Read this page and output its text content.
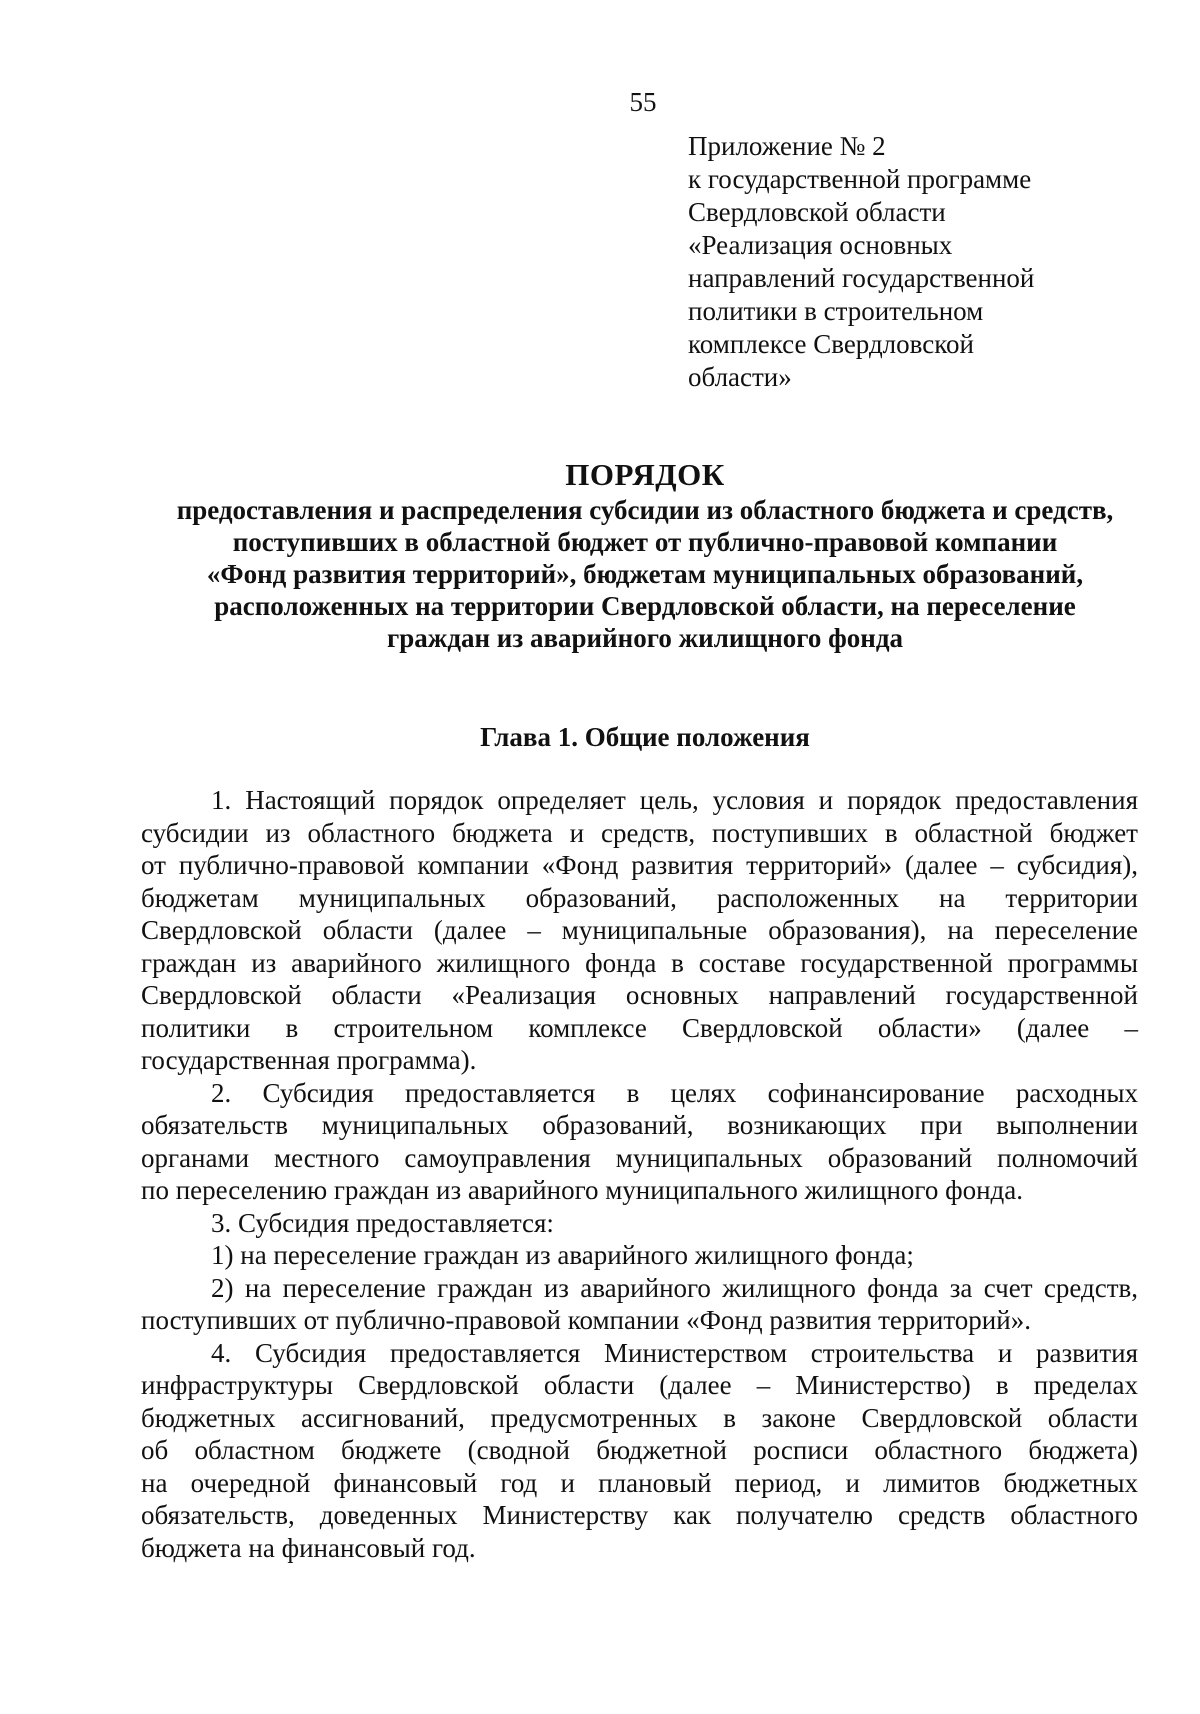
55
Приложение № 2
к государственной программе
Свердловской области
«Реализация основных
направлений государственной
политики в строительном
комплексе Свердловской
области»
ПОРЯДОК
предоставления и распределения субсидии из областного бюджета и средств,
поступивших в областной бюджет от публично-правовой компании
«Фонд развития территорий», бюджетам муниципальных образований,
расположенных на территории Свердловской области, на переселение
граждан из аварийного жилищного фонда
Глава 1. Общие положения
1. Настоящий порядок определяет цель, условия и порядок предоставления
субсидии из областного бюджета и средств, поступивших в областной бюджет
от публично-правовой компании «Фонд развития территорий» (далее – субсидия),
бюджетам муниципальных образований, расположенных на территории
Свердловской области (далее – муниципальные образования), на переселение
граждан из аварийного жилищного фонда в составе государственной программы
Свердловской области «Реализация основных направлений государственной
политики в строительном комплексе Свердловской области» (далее –
государственная программа).
2. Субсидия предоставляется в целях софинансирование расходных
обязательств муниципальных образований, возникающих при выполнении
органами местного самоуправления муниципальных образований полномочий
по переселению граждан из аварийного муниципального жилищного фонда.
3. Субсидия предоставляется:
1) на переселение граждан из аварийного жилищного фонда;
2) на переселение граждан из аварийного жилищного фонда за счет средств,
поступивших от публично-правовой компании «Фонд развития территорий».
4. Субсидия предоставляется Министерством строительства и развития
инфраструктуры Свердловской области (далее – Министерство) в пределах
бюджетных ассигнований, предусмотренных в законе Свердловской области
об областном бюджете (сводной бюджетной росписи областного бюджета)
на очередной финансовый год и плановый период, и лимитов бюджетных
обязательств, доведенных Министерству как получателю средств областного
бюджета на финансовый год.
